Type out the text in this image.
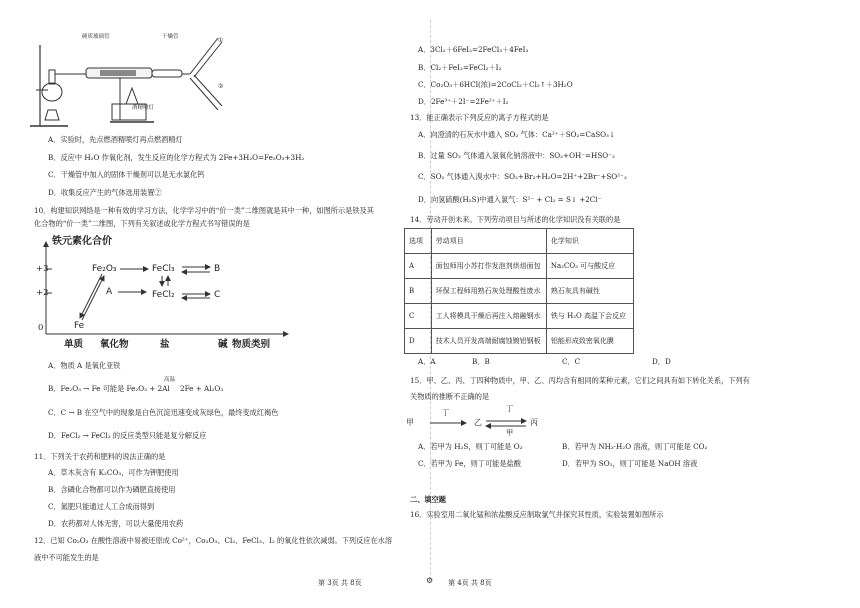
硬质玻璃管	干燥管
酒精喷灯
①
②
A．实验时，先点燃酒精喷灯再点燃酒精灯
B．反应中 H₂O 作氧化剂，发生反应的化学方程式为 2Fe+3H₂O=Fe₂O₃+3H₂
C．干燥管中加入的固体干燥剂可以是无水氯化钙
D．收集反应产生的气体选用装置②
10．构建知识网络是一种有效的学习方法，化学学习中的“价一类”二维图就是其中一种，如图所示是铁及其
化合物的“价一类”二维图，下列有关叙述或化学方程式书写错误的是
铁元素化合价
+3
+2
0
Fe₂O₃	FeCl₃	B
A	FeCl₂	C
Fe
单质 氧化物	盐	碱 物质类别
A．物质 A 是氧化亚铁
B．Fe₂O₃ → Fe 可能是 Fe₂O₃ + 2Al
高温
2Fe + Al₂O₃
C．C → B 在空气中的现象是白色沉淀迅速变成灰绿色，最终变成红褐色
D．FeCl₂ → FeCl₃ 的反应类型只能是复分解反应
11．下列关于农药和肥料的说法正确的是
A．草木灰含有 K₂CO₃，可作为钾肥使用
B．含磷化合物都可以作为磷肥直接使用
C．氮肥只能通过人工合成而得到
D．农药都对人体无害，可以大量使用农药
12．已知 Co₂O₃ 在酸性溶液中易被还原成 Co²⁺，Co₂O₃、Cl₂、FeCl₃、I₂ 的氧化性依次减弱。下列反应在水溶
液中不可能发生的是
第 3页 共 8页	⚙
A．3Cl₂＋6FeI₂=2FeCl₃＋4FeI₃
B．Cl₂＋FeI₂=FeCl₂＋I₂
C．Co₂O₃＋6HCl(浓)=2CoCl₂＋Cl₂↑＋3H₂O
D．2Fe³⁺＋2I⁻=2Fe²⁺＋I₂
13．能正确表示下列反应的离子方程式的是
A．向澄清的石灰水中通入 SO₂ 气体：Ca²⁺＋SO₂=CaSO₃↓
B．过量 SO₂ 气体通入氢氧化钠溶液中：SO₂+OH⁻=HSO⁻₃
C．SO₂ 气体通入溴水中：SO₂+Br₂+H₂O=2H⁺+2Br⁻+SO²⁻₃
D．向氢硫酸(H₂S)中通入氯气：S²⁻ + Cl₂ = S↓ +2Cl⁻
14．劳动开创未来。下列劳动项目与所述的化学知识没有关联的是
选项	劳动项目	化学知识
A	面包师用小苏打作发泡剂烘焙面包	Na₂CO₃ 可与酸反应
B	环保工程师用熟石灰处理酸性废水	熟石灰具有碱性
C	工人将模具干燥后再注入熔融钢水	铁与 H₂O 高温下会反应
D	技术人员开发高端耐腐蚀镀铝钢板	铝能形成致密氧化膜
A．A	B．B	C．C	D．D
15．甲、乙、丙、丁四种物质中，甲、乙、丙均含有相同的某种元素，它们之间具有如下转化关系，下列有
关物质的推断不正确的是
甲
丁
乙
丁
甲
丙
A．若甲为 H₂S，则丁可能是 O₂	B．若甲为 NH₃·H₂O 溶液，则丁可能是 CO₂
C．若甲为 Fe，则丁可能是盐酸	D．若甲为 SO₂，则丁可能是 NaOH 溶液
二、填空题
16．实验室用二氧化锰和浓盐酸反应制取氯气并探究其性质，实验装置如图所示
第 4页 共 8页
